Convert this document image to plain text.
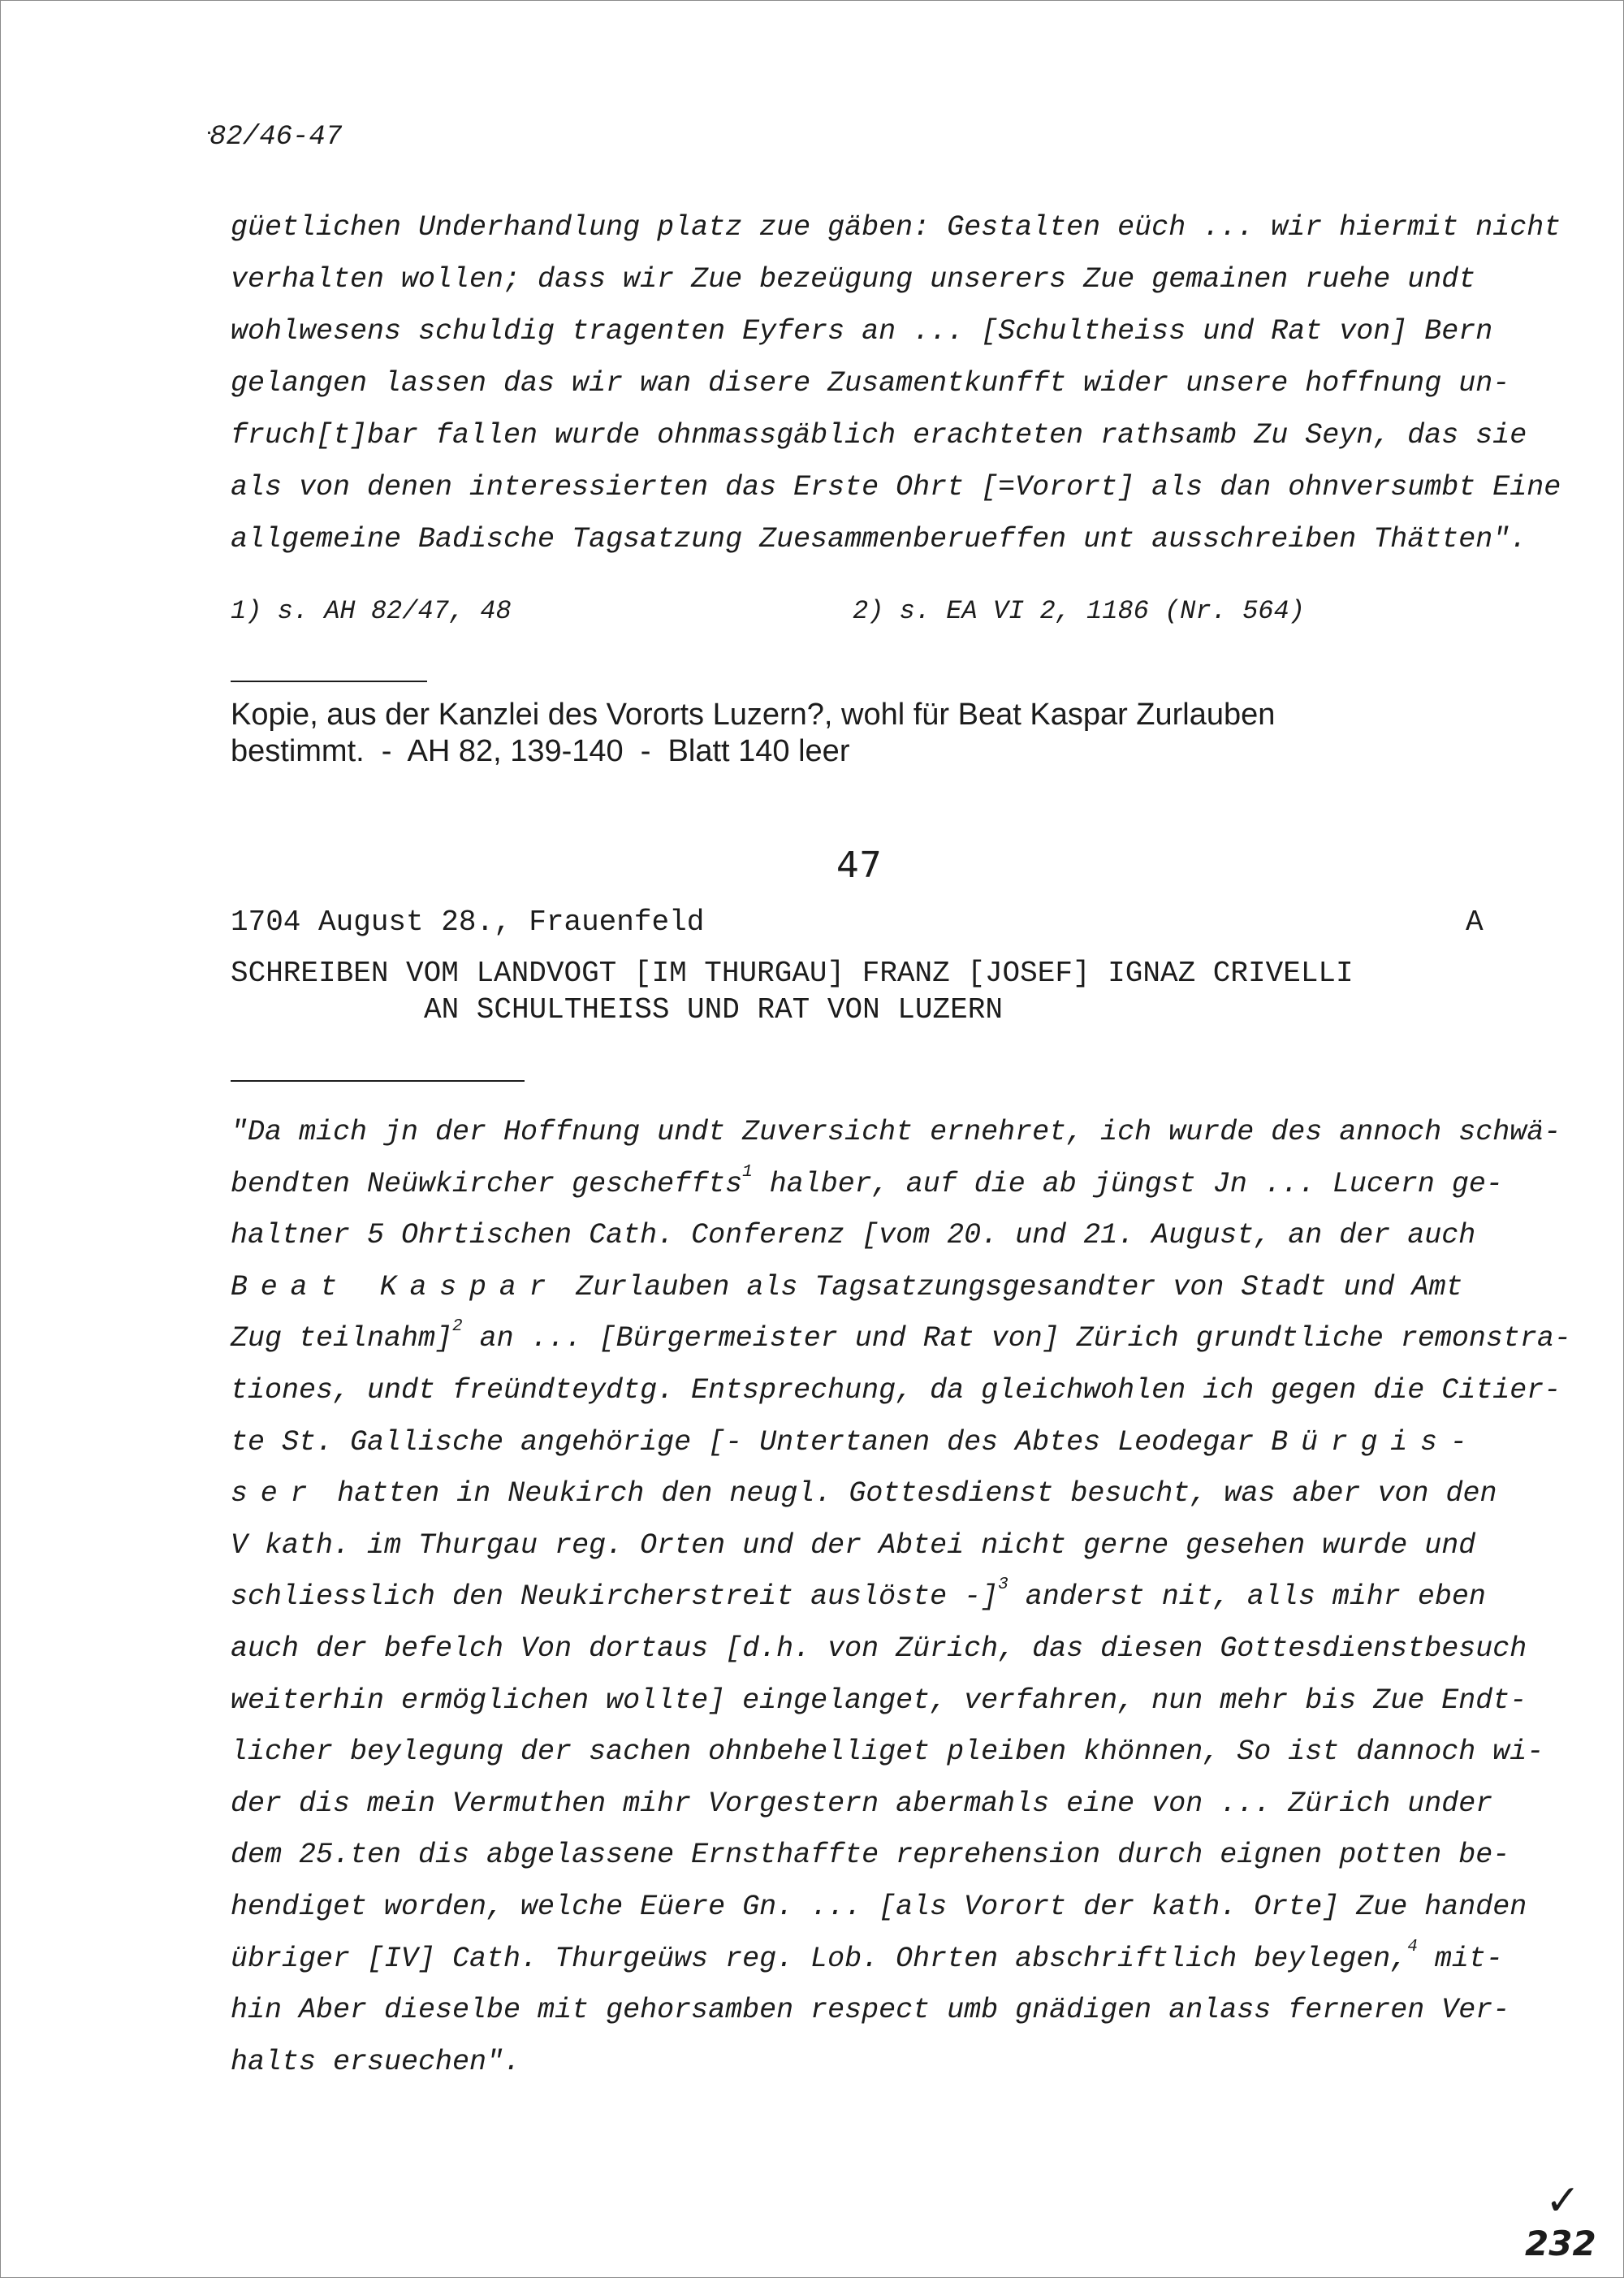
82/46-47
güetlichen Underhandlung platz zue gäben: Gestalten eüch ... wir hiermit nicht
verhalten wollen; dass wir Zue bezeügung unserers Zue gemainen ruehe undt
wohlwesens schuldig tragenten Eyfers an ... [Schultheiss und Rat von] Bern
gelangen lassen das wir wan disere Zusamentkunfft wider unsere hoffnung un-
fruch[t]bar fallen wurde ohnmassgäblich erachteten rathsamb Zu Seyn, das sie
als von denen interessierten das Erste Ohrt [=Vorort] als dan ohnversumbt Eine
allgemeine Badische Tagsatzung Zuesammenberueffen unt ausschreiben Thätten".
1) s. AH 82/47, 48	2) s. EA VI 2, 1186 (Nr. 564)
Kopie, aus der Kanzlei des Vororts Luzern?, wohl für Beat Kaspar Zurlauben
bestimmt.  -  AH 82, 139-140  -  Blatt 140 leer
47
1704 August 28., Frauenfeld	A
SCHREIBEN VOM LANDVOGT [IM THURGAU] FRANZ [JOSEF] IGNAZ CRIVELLI
AN SCHULTHEISS UND RAT VON LUZERN
"Da mich jn der Hoffnung undt Zuversicht ernehret, ich wurde des annoch schwä-
bendten Neüwkircher gescheffts$^1$ halber, auf die ab jüngst Jn ... Lucern ge-
haltner 5 Ohrtischen Cath. Conferenz [vom 20. und 21. August, an der auch
Beat Kaspar Zurlauben als Tagsatzungsgesandter von Stadt und Amt
Zug teilnahm]$^2$ an ... [Bürgermeister und Rat von] Zürich grundtliche remonstra-
tiones, undt freündteydtg. Entsprechung, da gleichwohlen ich gegen die Citier-
te St. Gallische angehörige [- Untertanen des Abtes Leodegar Bürgis-
ser hatten in Neukirch den neugl. Gottesdienst besucht, was aber von den
V kath. im Thurgau reg. Orten und der Abtei nicht gerne gesehen wurde und
schliesslich den Neukircherstreit auslöste -]$^3$ anderst nit, alls mihr eben
auch der befelch Von dortaus [d.h. von Zürich, das diesen Gottesdienstbesuch
weiterhin ermöglichen wollte] eingelanget, verfahren, nun mehr bis Zue Endt-
licher beylegung der sachen ohnbehelliget pleiben khönnen, So ist dannoch wi-
der dis mein Vermuthen mihr Vorgestern abermahls eine von ... Zürich under
dem 25.ten dis abgelassene Ernsthaffte reprehension durch eignen potten be-
hendiget worden, welche Eüere Gn. ... [als Vorort der kath. Orte] Zue handen
übriger [IV] Cath. Thurgeüws reg. Lob. Ohrten abschriftlich beylegen,$^4$ mit-
hin Aber dieselbe mit gehorsamben respect umb gnädigen anlass ferneren Ver-
halts ersuechen".
✓
232
